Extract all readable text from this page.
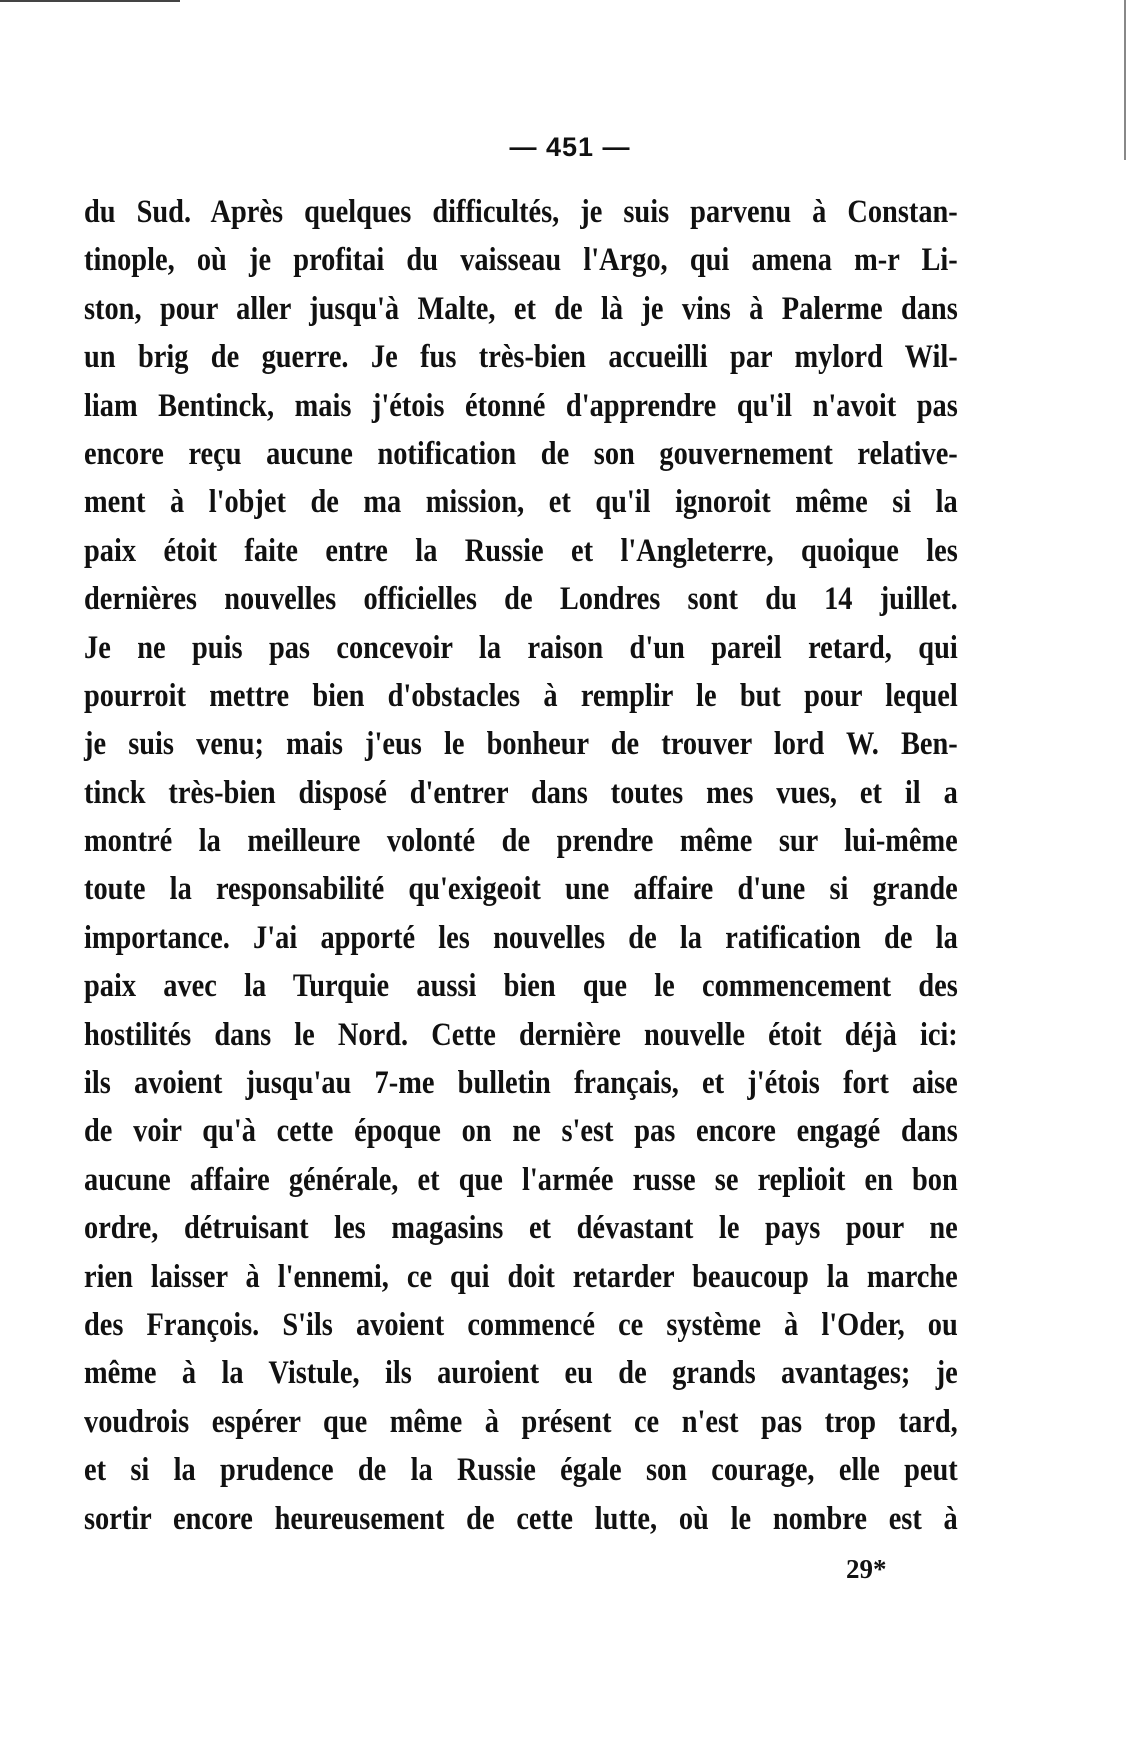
— 451 —
du Sud. Après quelques difficultés, je suis parvenu à Constan-
tinople, où je profitai du vaisseau l'Argo, qui amena m-r Li-
ston, pour aller jusqu'à Malte, et de là je vins à Palerme dans
un brig de guerre. Je fus très-bien accueilli par mylord Wil-
liam Bentinck, mais j'étois étonné d'apprendre qu'il n'avoit pas
encore reçu aucune notification de son gouvernement relative-
ment à l'objet de ma mission, et qu'il ignoroit même si la
paix étoit faite entre la Russie et l'Angleterre, quoique les
dernières nouvelles officielles de Londres sont du 14 juillet.
Je ne puis pas concevoir la raison d'un pareil retard, qui
pourroit mettre bien d'obstacles à remplir le but pour lequel
je suis venu; mais j'eus le bonheur de trouver lord W. Ben-
tinck très-bien disposé d'entrer dans toutes mes vues, et il a
montré la meilleure volonté de prendre même sur lui-même
toute la responsabilité qu'exigeoit une affaire d'une si grande
importance. J'ai apporté les nouvelles de la ratification de la
paix avec la Turquie aussi bien que le commencement des
hostilités dans le Nord. Cette dernière nouvelle étoit déjà ici:
ils avoient jusqu'au 7-me bulletin français, et j'étois fort aise
de voir qu'à cette époque on ne s'est pas encore engagé dans
aucune affaire générale, et que l'armée russe se replioit en bon
ordre, détruisant les magasins et dévastant le pays pour ne
rien laisser à l'ennemi, ce qui doit retarder beaucoup la marche
des François. S'ils avoient commencé ce système à l'Oder, ou
même à la Vistule, ils auroient eu de grands avantages; je
voudrois espérer que même à présent ce n'est pas trop tard,
et si la prudence de la Russie égale son courage, elle peut
sortir encore heureusement de cette lutte, où le nombre est à
29*
